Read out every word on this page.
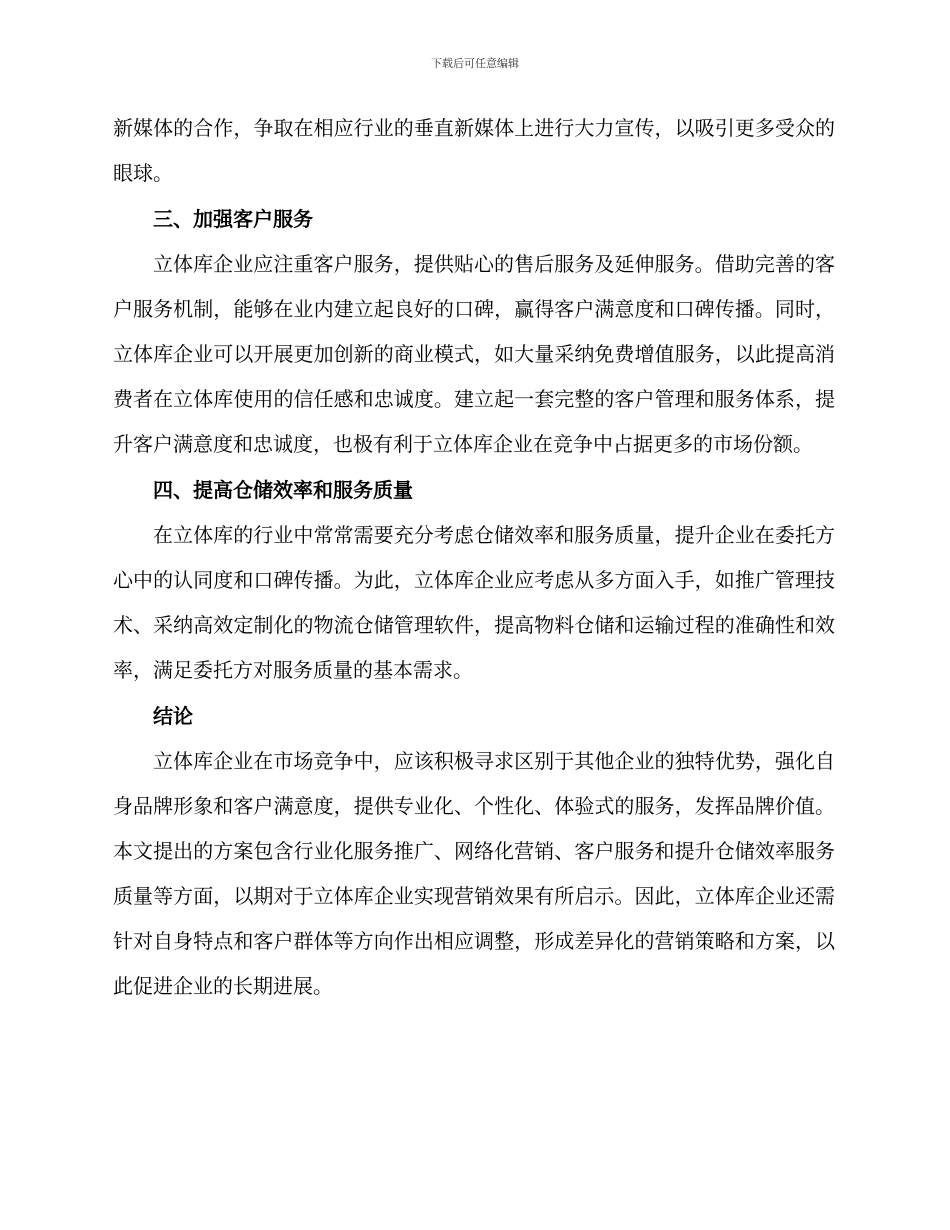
下载后可任意编辑

新媒体的合作，争取在相应行业的垂直新媒体上进行大力宣传，以吸引更多受众的眼球。

三、加强客户服务

立体库企业应注重客户服务，提供贴心的售后服务及延伸服务。借助完善的客户服务机制，能够在业内建立起良好的口碑，赢得客户满意度和口碑传播。同时，立体库企业可以开展更加创新的商业模式，如大量采纳免费增值服务，以此提高消费者在立体库使用的信任感和忠诚度。建立起一套完整的客户管理和服务体系，提升客户满意度和忠诚度，也极有利于立体库企业在竞争中占据更多的市场份额。

四、提高仓储效率和服务质量

在立体库的行业中常常需要充分考虑仓储效率和服务质量，提升企业在委托方心中的认同度和口碑传播。为此，立体库企业应考虑从多方面入手，如推广管理技术、采纳高效定制化的物流仓储管理软件，提高物料仓储和运输过程的准确性和效率，满足委托方对服务质量的基本需求。

结论

立体库企业在市场竞争中，应该积极寻求区别于其他企业的独特优势，强化自身品牌形象和客户满意度，提供专业化、个性化、体验式的服务，发挥品牌价值。本文提出的方案包含行业化服务推广、网络化营销、客户服务和提升仓储效率服务质量等方面，以期对于立体库企业实现营销效果有所启示。因此，立体库企业还需针对自身特点和客户群体等方向作出相应调整，形成差异化的营销策略和方案，以此促进企业的长期进展。
